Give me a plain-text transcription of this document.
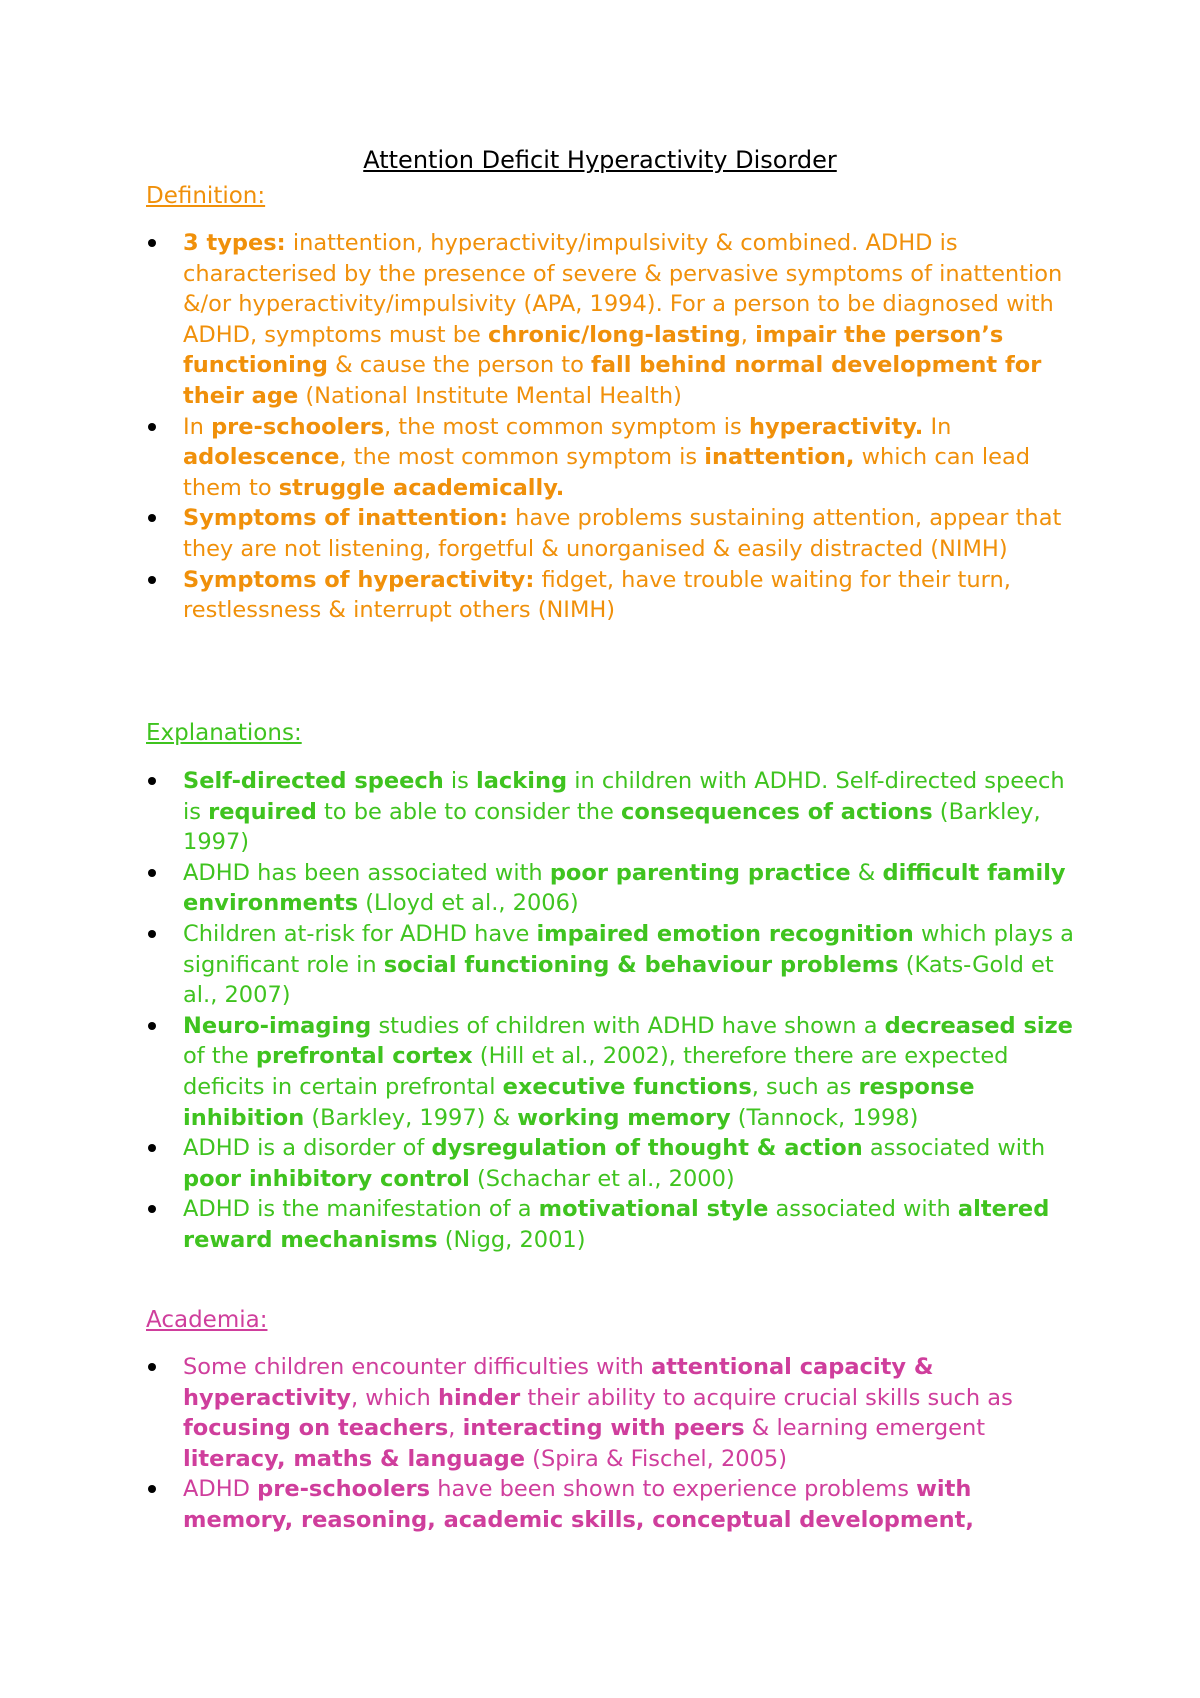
Attention Deficit Hyperactivity Disorder
Definition:
3 types: inattention, hyperactivity/impulsivity & combined. ADHD is characterised by the presence of severe & pervasive symptoms of inattention &/or hyperactivity/impulsivity (APA, 1994). For a person to be diagnosed with ADHD, symptoms must be chronic/long-lasting, impair the person’s functioning & cause the person to fall behind normal development for their age (National Institute Mental Health)
In pre-schoolers, the most common symptom is hyperactivity. In adolescence, the most common symptom is inattention, which can lead them to struggle academically.
Symptoms of inattention: have problems sustaining attention, appear that they are not listening, forgetful & unorganised & easily distracted (NIMH)
Symptoms of hyperactivity: fidget, have trouble waiting for their turn, restlessness & interrupt others (NIMH)
Explanations:
Self-directed speech is lacking in children with ADHD. Self-directed speech is required to be able to consider the consequences of actions (Barkley, 1997)
ADHD has been associated with poor parenting practice & difficult family environments (Lloyd et al., 2006)
Children at-risk for ADHD have impaired emotion recognition which plays a significant role in social functioning & behaviour problems (Kats-Gold et al., 2007)
Neuro-imaging studies of children with ADHD have shown a decreased size of the prefrontal cortex (Hill et al., 2002), therefore there are expected deficits in certain prefrontal executive functions, such as response inhibition (Barkley, 1997) & working memory (Tannock, 1998)
ADHD is a disorder of dysregulation of thought & action associated with poor inhibitory control (Schachar et al., 2000)
ADHD is the manifestation of a motivational style associated with altered reward mechanisms (Nigg, 2001)
Academia:
Some children encounter difficulties with attentional capacity & hyperactivity, which hinder their ability to acquire crucial skills such as focusing on teachers, interacting with peers & learning emergent literacy, maths & language (Spira & Fischel, 2005)
ADHD pre-schoolers have been shown to experience problems with memory, reasoning, academic skills, conceptual development,
